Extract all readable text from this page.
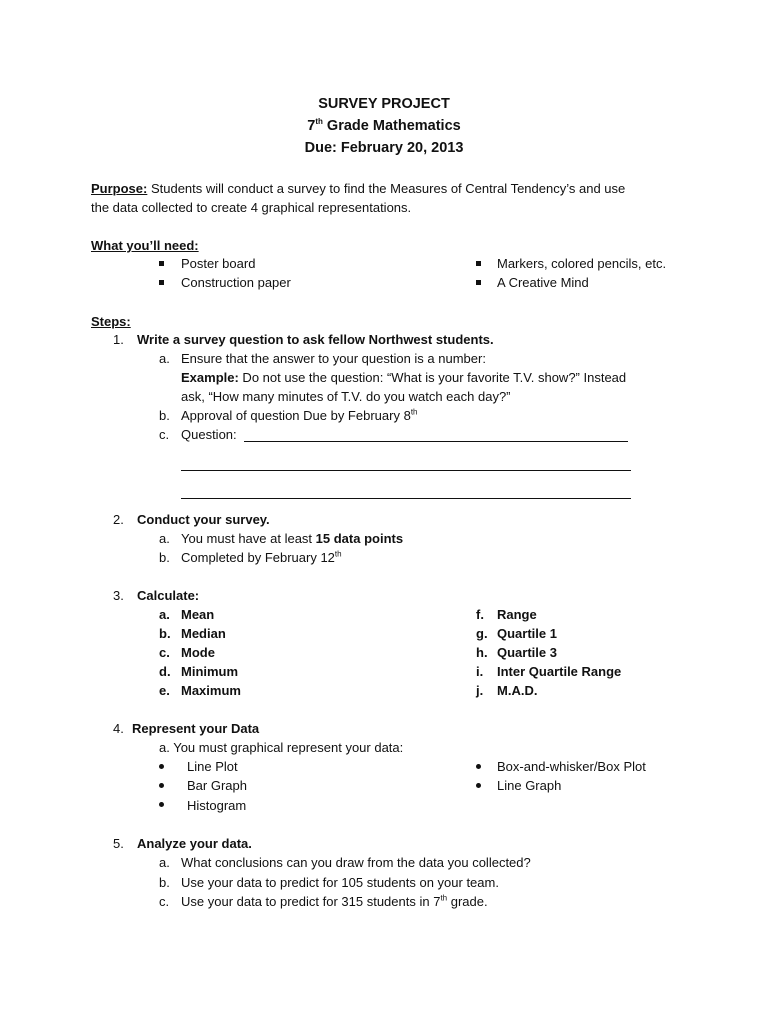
SURVEY PROJECT
7th Grade Mathematics
Due: February 20, 2013
Purpose: Students will conduct a survey to find the Measures of Central Tendency’s and use
the data collected to create 4 graphical representations.
What you’ll need:
Poster board
Construction paper
Markers, colored pencils, etc.
A Creative Mind
Steps:
1. Write a survey question to ask fellow Northwest students.
a. Ensure that the answer to your question is a number:
Example: Do not use the question: “What is your favorite T.V. show?” Instead
ask, “How many minutes of T.V. do you watch each day?”
b. Approval of question Due by February 8th
c. Question:
2. Conduct your survey.
a. You must have at least 15 data points
b. Completed by February 12th
3. Calculate:
a. Mean
b. Median
c. Mode
d. Minimum
e. Maximum
f. Range
g. Quartile 1
h. Quartile 3
i. Inter Quartile Range
j. M.A.D.
4. Represent your Data
a. You must graphical represent your data:
Line Plot
Bar Graph
Histogram
Box-and-whisker/Box Plot
Line Graph
5. Analyze your data.
a. What conclusions can you draw from the data you collected?
b. Use your data to predict for 105 students on your team.
c. Use your data to predict for 315 students in 7th grade.
